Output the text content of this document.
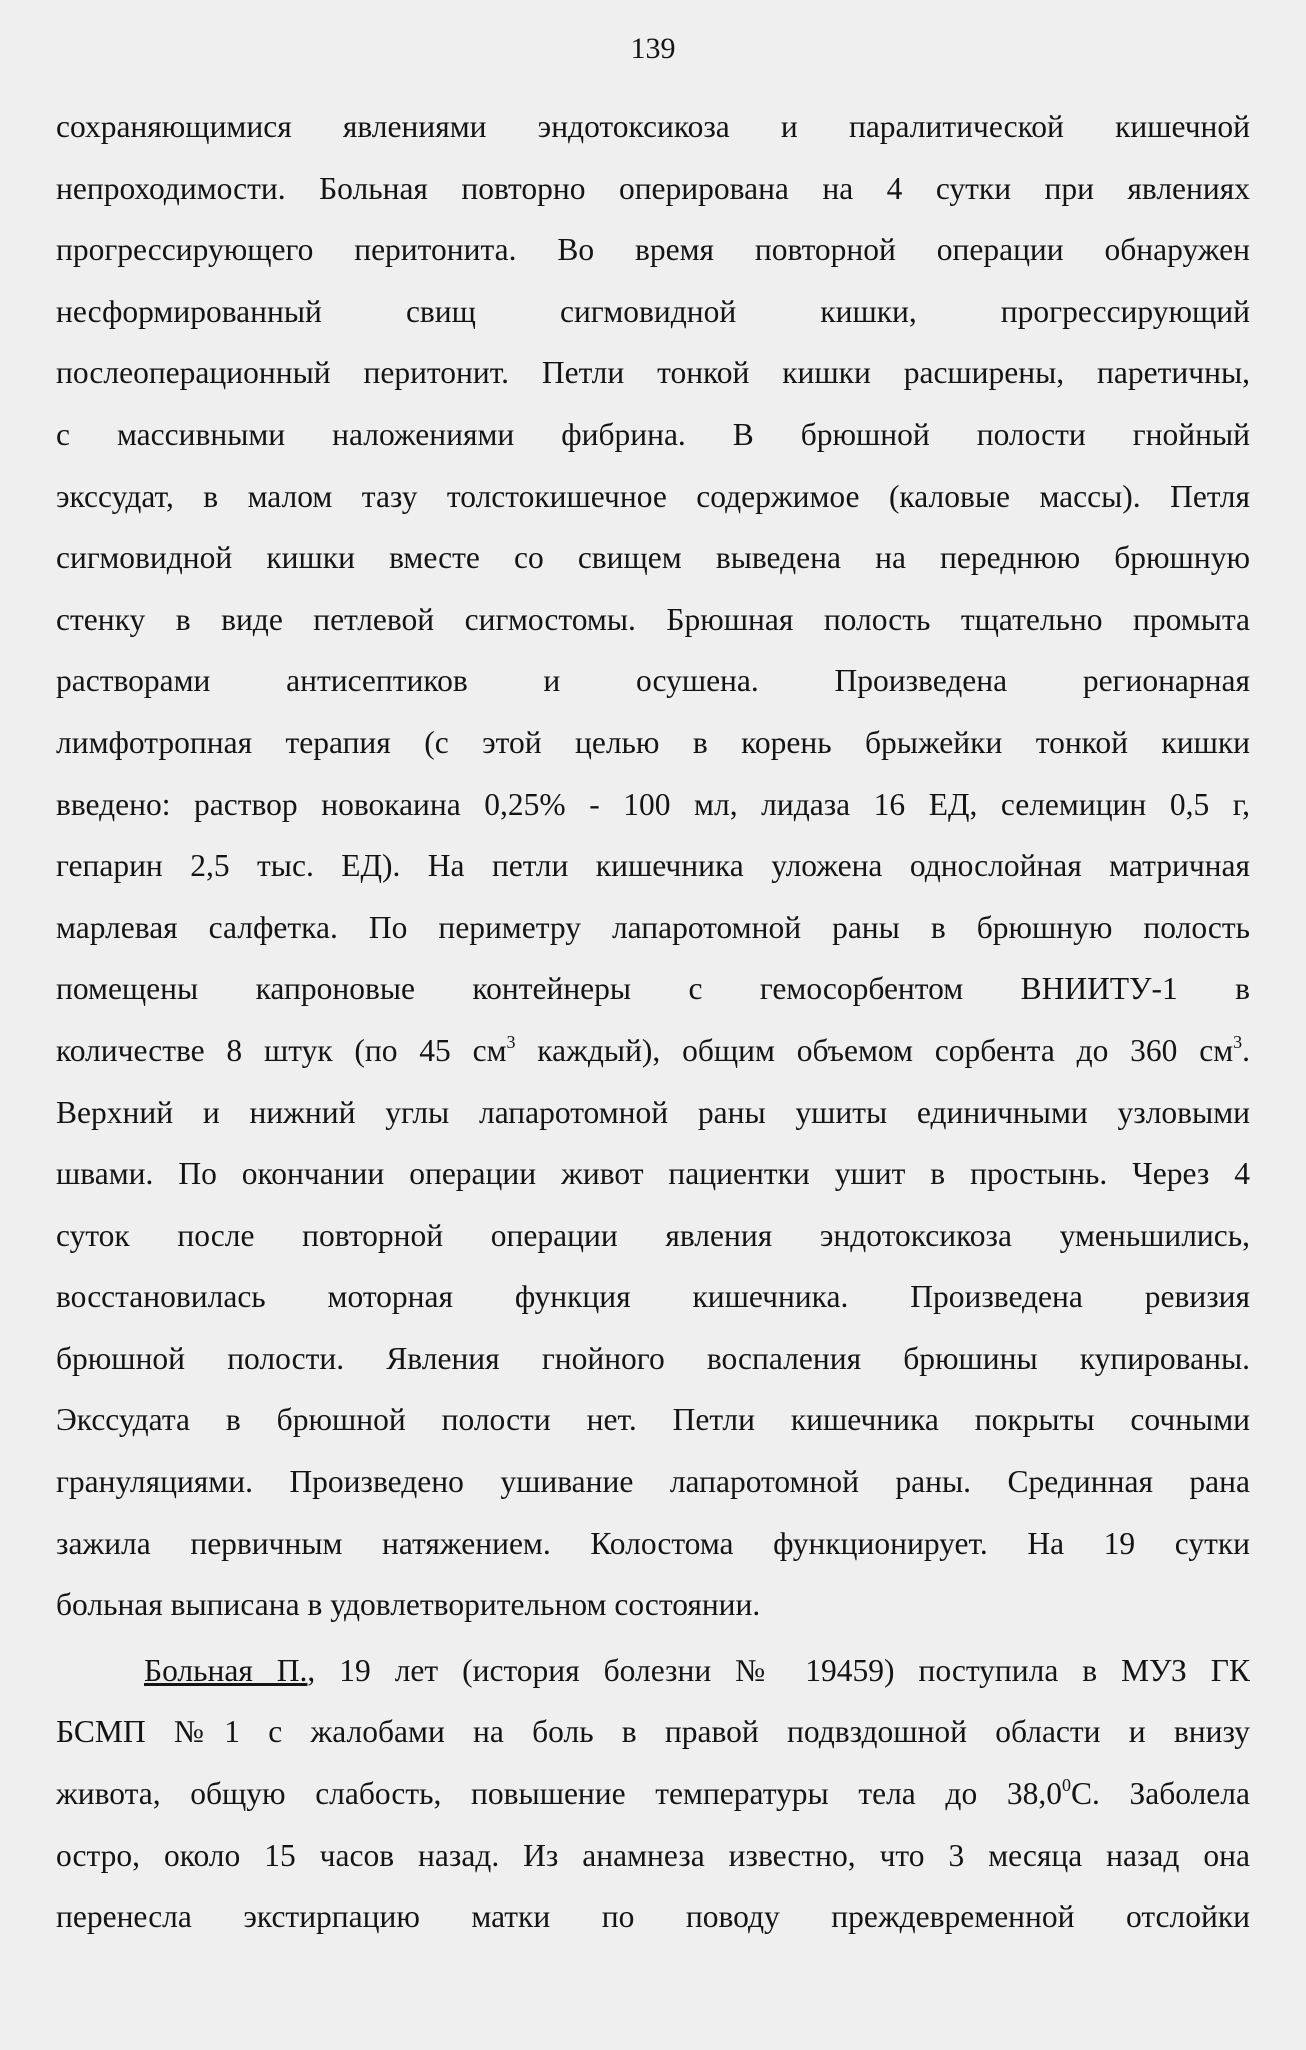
139
сохраняющимися явлениями эндотоксикоза и паралитической кишечной
непроходимости. Больная повторно оперирована на 4 сутки при явлениях
прогрессирующего перитонита. Во время повторной операции обнаружен
несформированный свищ сигмовидной кишки, прогрессирующий
послеоперационный перитонит. Петли тонкой кишки расширены, паретичны,
с массивными наложениями фибрина. В брюшной полости гнойный
экссудат, в малом тазу толстокишечное содержимое (каловые массы). Петля
сигмовидной кишки вместе со свищем выведена на переднюю брюшную
стенку в виде петлевой сигмостомы. Брюшная полость тщательно промыта
растворами антисептиков и осушена. Произведена регионарная
лимфотропная терапия (с этой целью в корень брыжейки тонкой кишки
введено: раствор новокаина 0,25% - 100 мл, лидаза 16 ЕД, селемицин 0,5 г,
гепарин 2,5 тыс. ЕД). На петли кишечника уложена однослойная матричная
марлевая салфетка. По периметру лапаротомной раны в брюшную полость
помещены капроновые контейнеры с гемосорбентом ВНИИТУ-1 в
количестве 8 штук (по 45 $см^3$ каждый), общим объемом сорбента до 360 $см^3$.
Верхний и нижний углы лапаротомной раны ушиты единичными узловыми
швами. По окончании операции живот пациентки ушит в простынь. Через 4
суток после повторной операции явления эндотоксикоза уменьшились,
восстановилась моторная функция кишечника. Произведена ревизия
брюшной полости. Явления гнойного воспаления брюшины купированы.
Экссудата в брюшной полости нет. Петли кишечника покрыты сочными
грануляциями. Произведено ушивание лапаротомной раны. Срединная рана
зажила первичным натяжением. Колостома функционирует. На 19 сутки
больная выписана в удовлетворительном состоянии.
Больная П., 19 лет (история болезни № 19459) поступила в МУЗ ГК
БСМП №1 с жалобами на боль в правой подвздошной области и внизу
живота, общую слабость, повышение температуры тела до 38,0$^0$С. Заболела
остро, около 15 часов назад. Из анамнеза известно, что 3 месяца назад она
перенесла экстирпацию матки по поводу преждевременной отслойки
